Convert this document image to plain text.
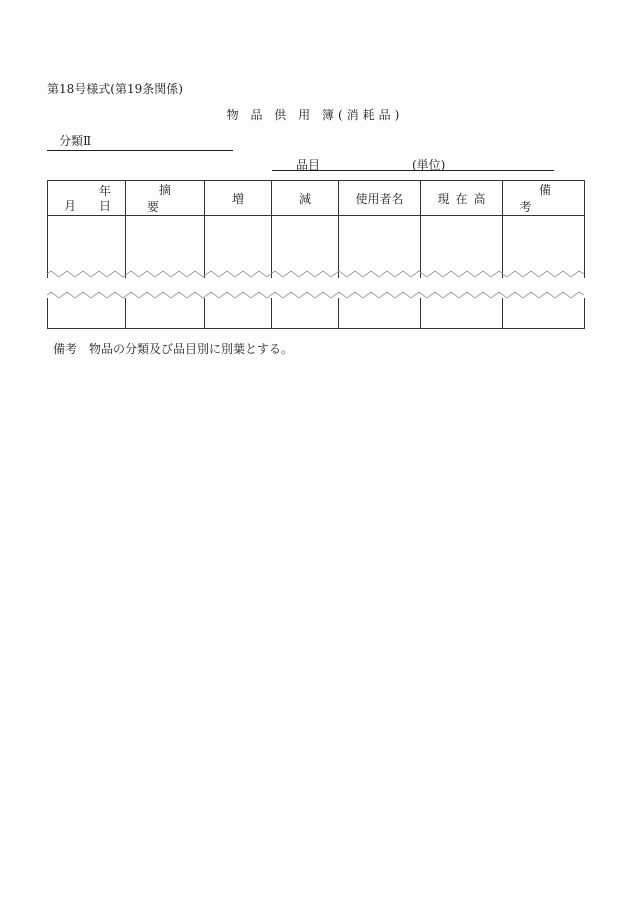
第18号様式(第19条関係)
物 品 供 用 簿(消耗品)
分類Ⅱ
品目	(単位)
年
月 日	摘要	増	減	使用者名	現在高	備考

備考　物品の分類及び品目別に別葉とする。
